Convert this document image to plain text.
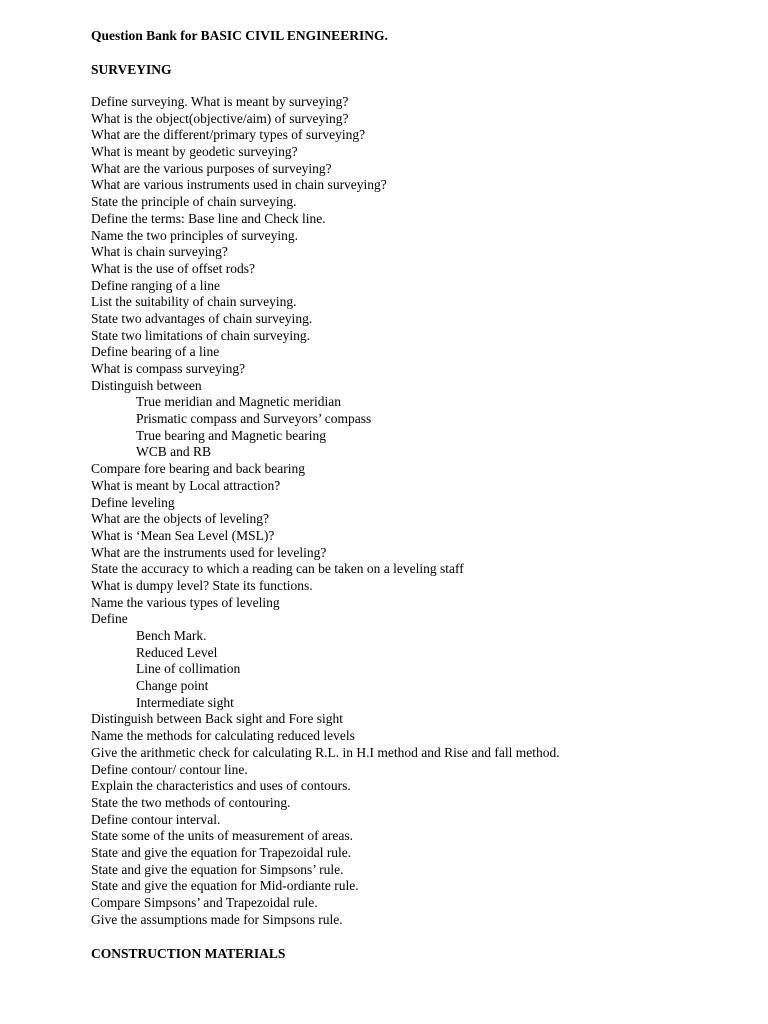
Question Bank for BASIC CIVIL ENGINEERING.
SURVEYING
Define surveying. What is meant by surveying?
What is the object(objective/aim) of surveying?
What are the different/primary types of surveying?
What is meant by geodetic surveying?
What are the various purposes of surveying?
What are various instruments used in chain surveying?
State the principle of chain surveying.
Define the terms: Base line and Check line.
Name the two principles of surveying.
What is chain surveying?
What is the use of offset rods?
Define ranging of a line
List the suitability of chain surveying.
State two advantages of chain surveying.
State two limitations of chain surveying.
Define bearing of a line
What is compass surveying?
Distinguish between
True meridian and Magnetic meridian
Prismatic compass and Surveyors’ compass
True bearing and Magnetic bearing
WCB and RB
Compare fore bearing and back bearing
What is meant by Local attraction?
Define leveling
What are the objects of leveling?
What is ‘Mean Sea Level (MSL)?
What are the instruments used for leveling?
State the accuracy to which a reading can be taken on a leveling staff
What is dumpy level? State its functions.
Name the various types of leveling
Define
Bench Mark.
Reduced Level
Line of collimation
Change point
Intermediate sight
Distinguish between Back sight and Fore sight
Name the methods for calculating reduced levels
Give the arithmetic check for calculating R.L. in H.I method and Rise and fall method.
Define contour/ contour line.
Explain the characteristics and uses of contours.
State the two methods of contouring.
Define contour interval.
State some of the units of measurement of areas.
State and give the equation for Trapezoidal rule.
State and give the equation for Simpsons’ rule.
State and give the equation for Mid-ordiante rule.
Compare Simpsons’ and Trapezoidal rule.
Give the assumptions made for Simpsons rule.
CONSTRUCTION MATERIALS
